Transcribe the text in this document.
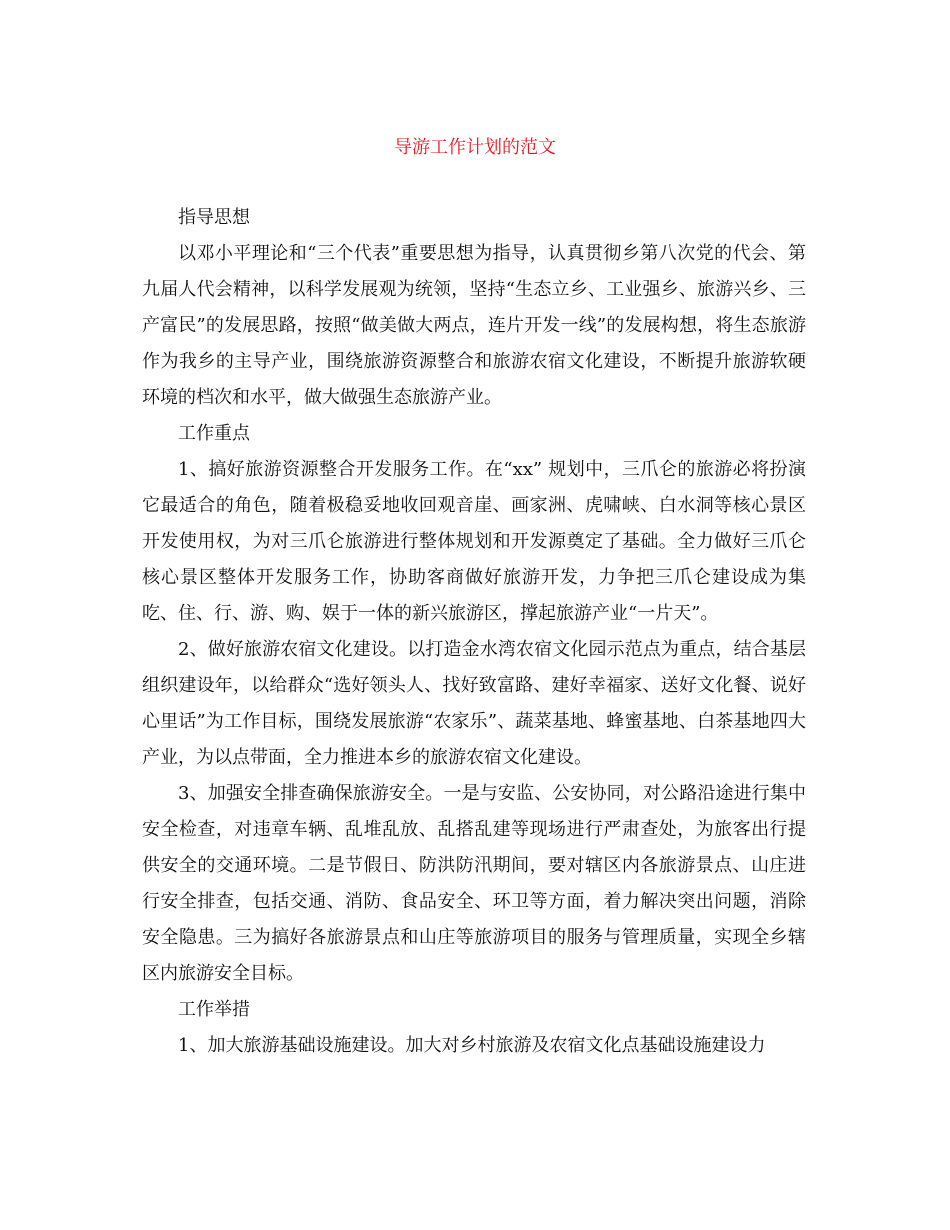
导游工作计划的范文

指导思想

以邓小平理论和“三个代表”重要思想为指导，认真贯彻乡第八次党的代会、第九届人代会精神，以科学发展观为统领，坚持“生态立乡、工业强乡、旅游兴乡、三产富民”的发展思路，按照“做美做大两点，连片开发一线”的发展构想，将生态旅游作为我乡的主导产业，围绕旅游资源整合和旅游农宿文化建设，不断提升旅游软硬环境的档次和水平，做大做强生态旅游产业。

工作重点

1、搞好旅游资源整合开发服务工作。在“xx” 规划中，三爪仑的旅游必将扮演它最适合的角色，随着极稳妥地收回观音崖、画家洲、虎啸峡、白水洞等核心景区开发使用权，为对三爪仑旅游进行整体规划和开发源奠定了基础。全力做好三爪仑核心景区整体开发服务工作，协助客商做好旅游开发，力争把三爪仑建设成为集吃、住、行、游、购、娱于一体的新兴旅游区，撑起旅游产业“一片天”。

2、做好旅游农宿文化建设。以打造金水湾农宿文化园示范点为重点，结合基层组织建设年，以给群众“选好领头人、找好致富路、建好幸福家、送好文化餐、说好心里话”为工作目标，围绕发展旅游“农家乐”、蔬菜基地、蜂蜜基地、白茶基地四大产业，为以点带面，全力推进本乡的旅游农宿文化建设。

3、加强安全排查确保旅游安全。一是与安监、公安协同，对公路沿途进行集中安全检查，对违章车辆、乱堆乱放、乱搭乱建等现场进行严肃查处，为旅客出行提供安全的交通环境。二是节假日、防洪防汛期间，要对辖区内各旅游景点、山庄进行安全排查，包括交通、消防、食品安全、环卫等方面，着力解决突出问题，消除安全隐患。三为搞好各旅游景点和山庄等旅游项目的服务与管理质量，实现全乡辖区内旅游安全目标。

工作举措

1、加大旅游基础设施建设。加大对乡村旅游及农宿文化点基础设施建设力
